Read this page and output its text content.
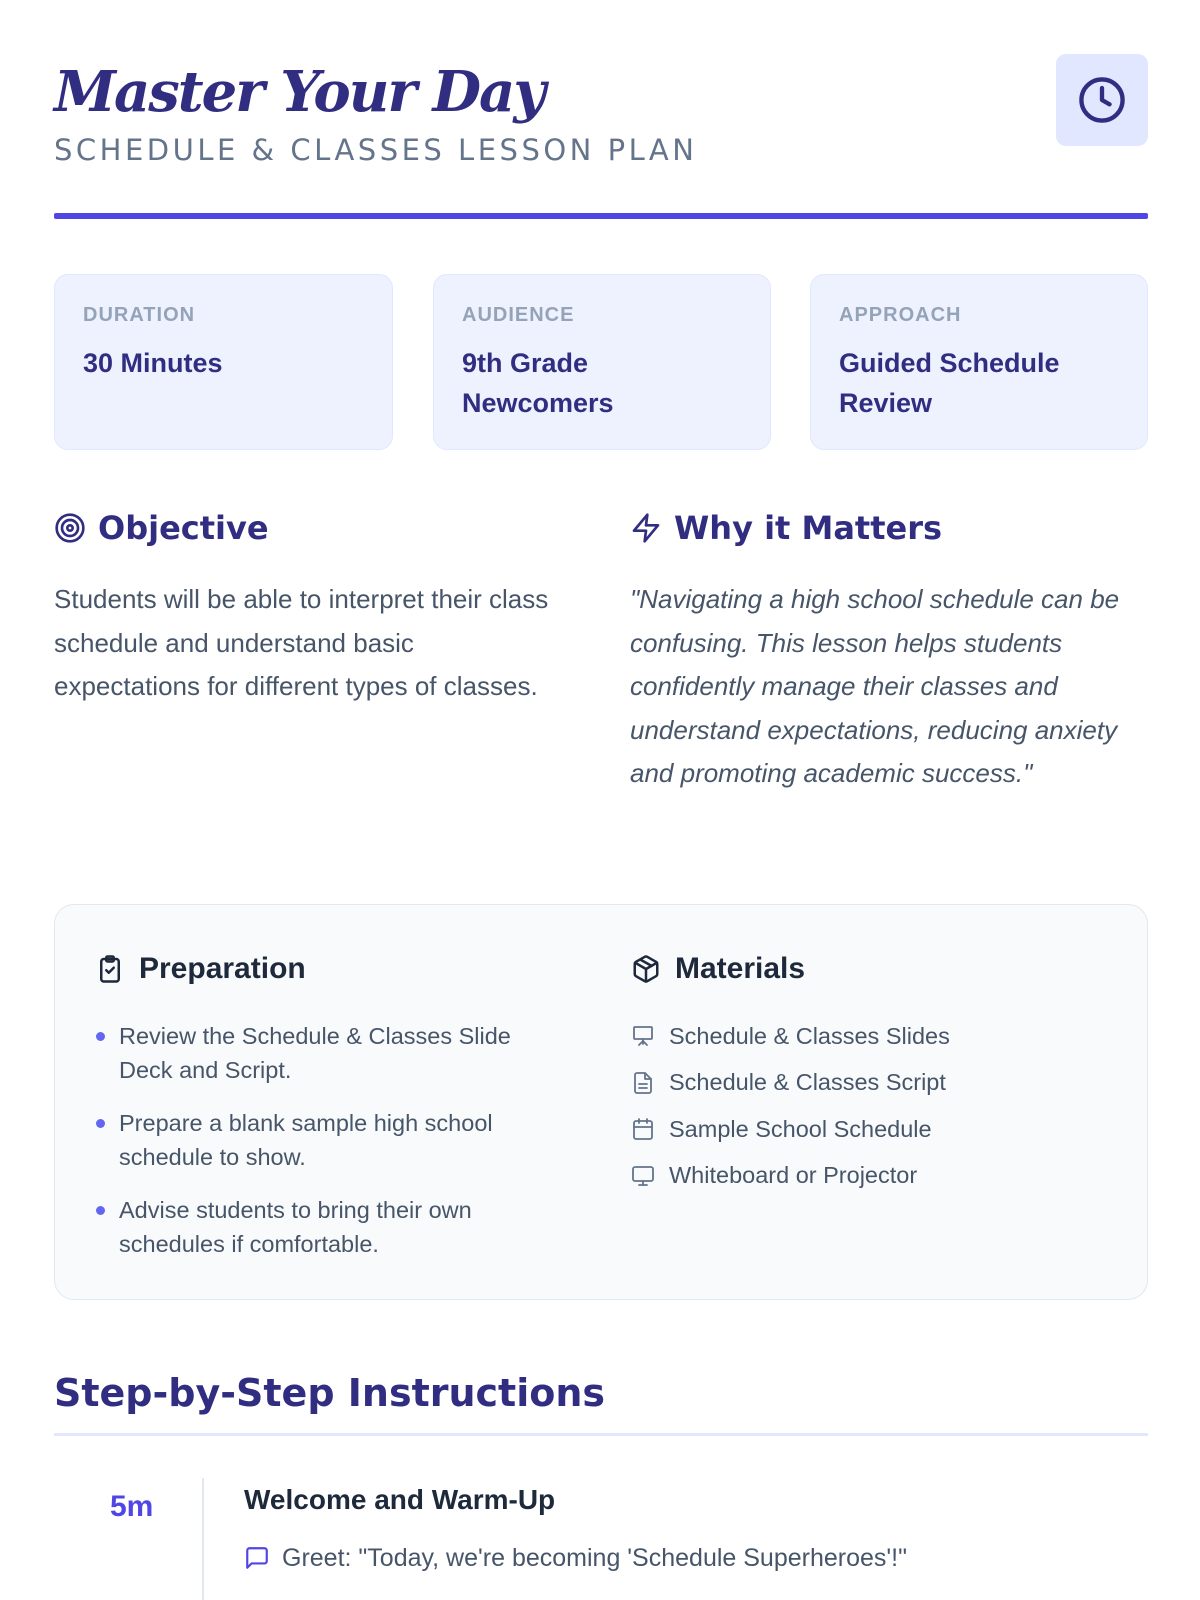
Master Your Day
SCHEDULE & CLASSES LESSON PLAN
DURATION
30 Minutes
AUDIENCE
9th Grade Newcomers
APPROACH
Guided Schedule Review
Objective

Students will be able to interpret their class schedule and understand basic expectations for different types of classes.

Why it Matters

"Navigating a high school schedule can be confusing. This lesson helps students confidently manage their classes and understand expectations, reducing anxiety and promoting academic success."

Preparation
Review the Schedule & Classes Slide Deck and Script.
Prepare a blank sample high school schedule to show.
Advise students to bring their own schedules if comfortable.
Materials
Schedule & Classes Slides
Schedule & Classes Script
Sample School Schedule
Whiteboard or Projector
Step-by-Step Instructions
5m	Welcome and Warm-Up
Greet: "Today, we're becoming 'Schedule Superheroes'!"
